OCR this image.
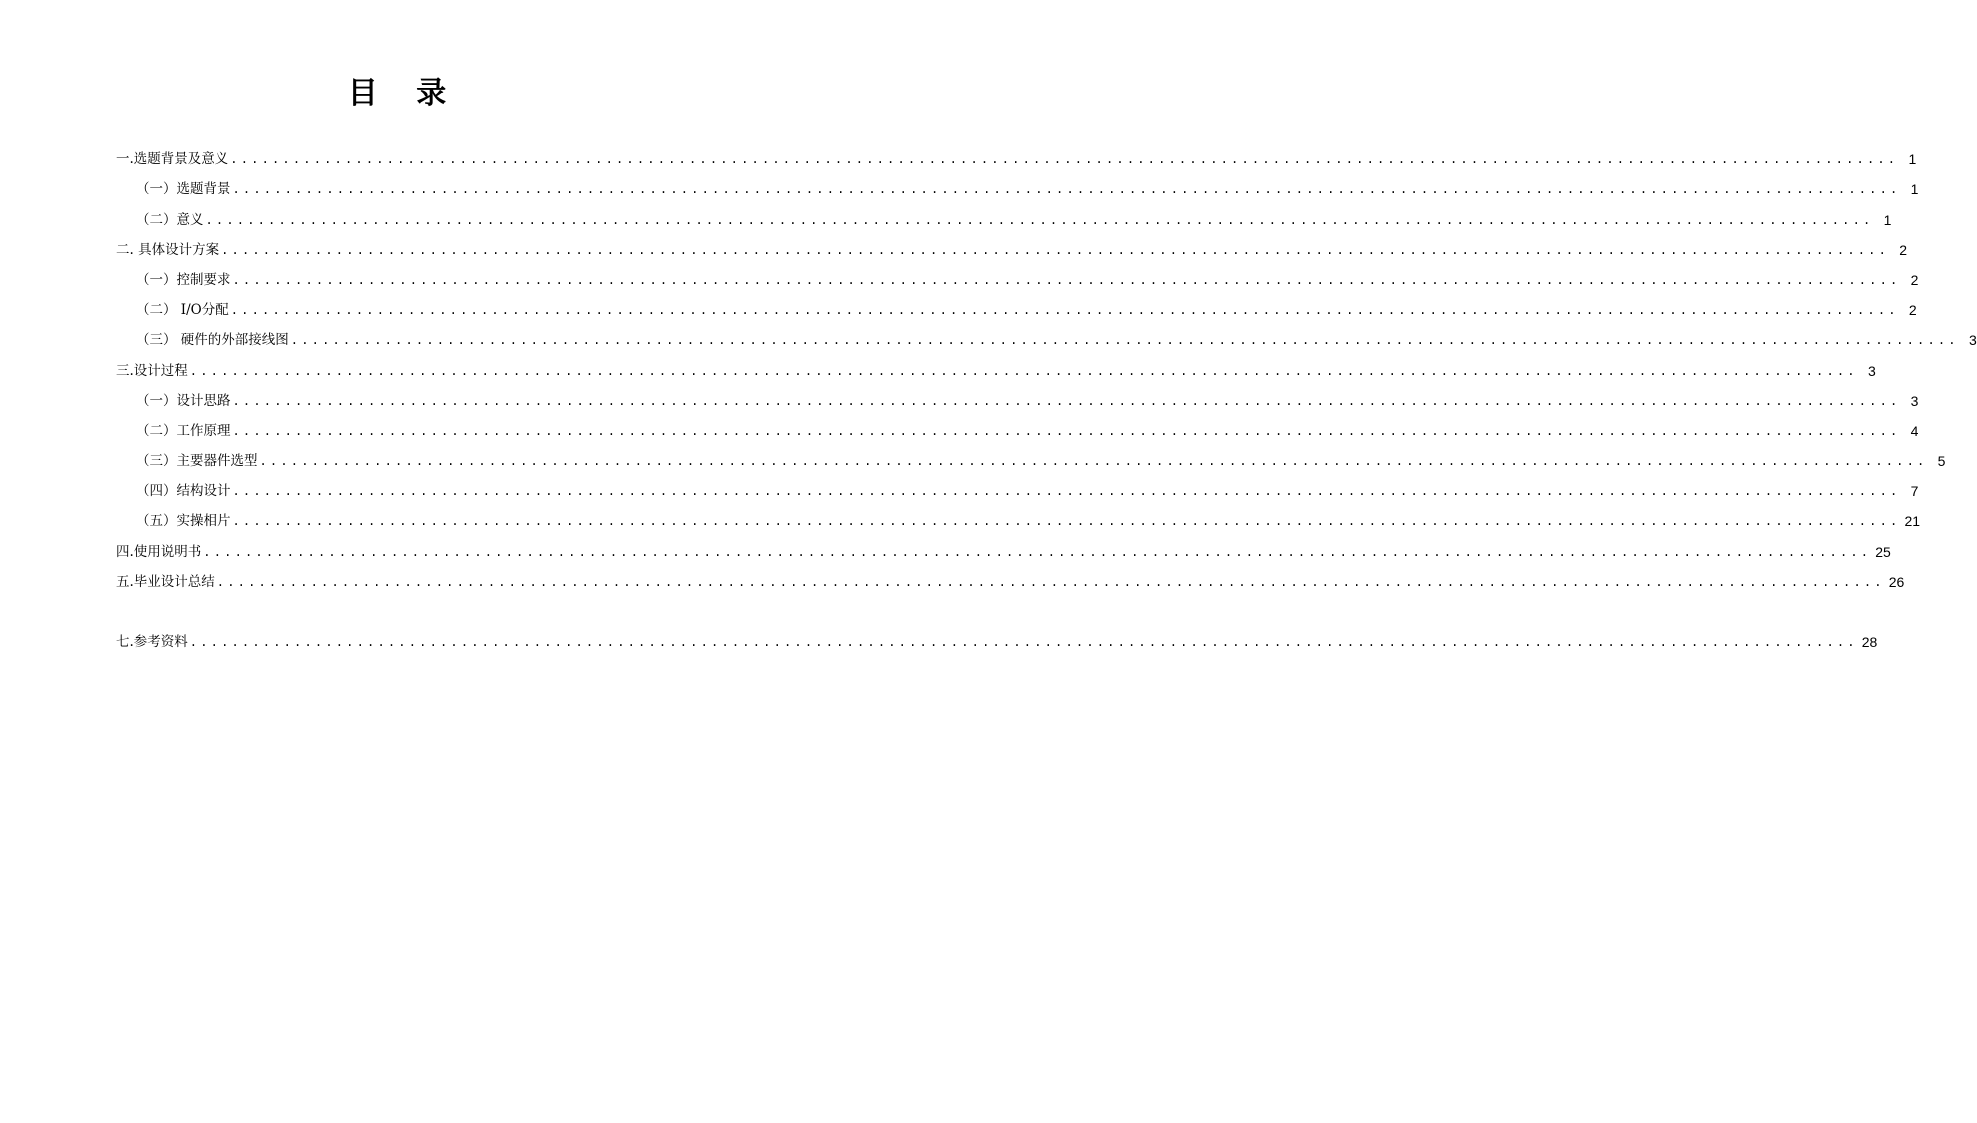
目 录
一.选题背景及意义 ................................................................................................................................................................ 1
（一）选题背景 ................................................................................................................................................................ 1
（二）意义 ................................................................................................................................................................ 1
二. 具体设计方案 ................................................................................................................................................................ 2
（一）控制要求 ................................................................................................................................................................ 2
（二） I/O分配 ................................................................................................................................................................ 2
（三） 硬件的外部接线图 ................................................................................................................................................................ 3
三.设计过程 ................................................................................................................................................................ 3
（一）设计思路 ................................................................................................................................................................ 3
（二）工作原理 ................................................................................................................................................................ 4
（三）主要器件选型 ................................................................................................................................................................ 5
（四）结构设计 ................................................................................................................................................................ 7
（五）实操相片 ................................................................................................................................................................ 21
四.使用说明书 ................................................................................................................................................................ 25
五.毕业设计总结 ................................................................................................................................................................ 26
七.参考资料 ................................................................................................................................................................ 28
